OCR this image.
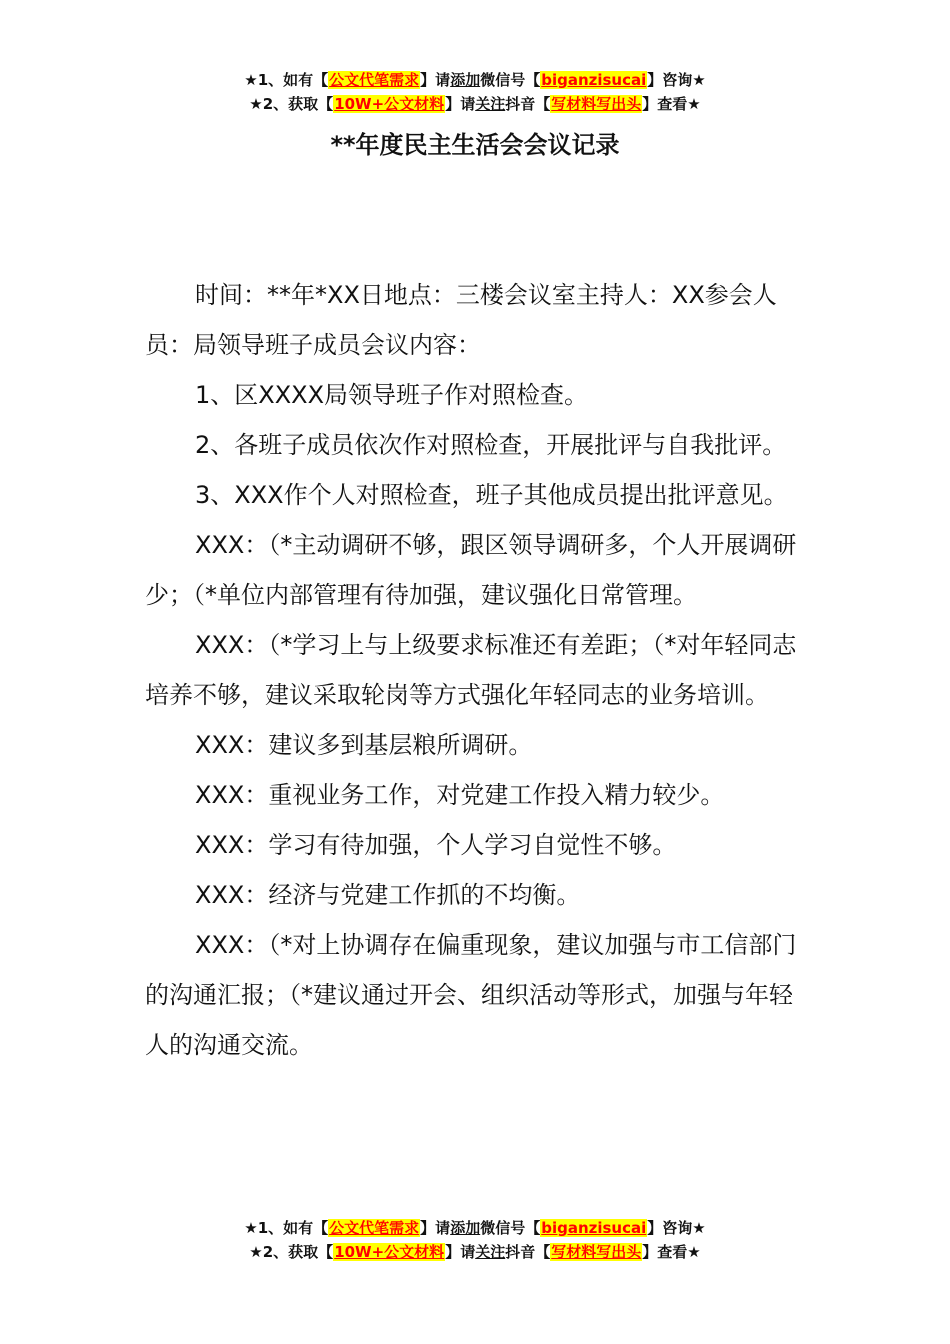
★1、如有【公文代笔需求】请添加微信号【biganzisucai】咨询★
★2、获取【10W+公文材料】请关注抖音【写材料写出头】查看★
**年度民主生活会会议记录

时间：**年*XX日地点：三楼会议室主持人：XX参会人员：局领导班子成员会议内容：

1、区XXXX局领导班子作对照检查。

2、各班子成员依次作对照检查，开展批评与自我批评。

3、XXX作个人对照检查，班子其他成员提出批评意见。

XXX：（*主动调研不够，跟区领导调研多，个人开展调研少；（*单位内部管理有待加强，建议强化日常管理。

XXX：（*学习上与上级要求标准还有差距；（*对年轻同志培养不够，建议采取轮岗等方式强化年轻同志的业务培训。

XXX：建议多到基层粮所调研。

XXX：重视业务工作，对党建工作投入精力较少。

XXX：学习有待加强，个人学习自觉性不够。

XXX：经济与党建工作抓的不均衡。

XXX：（*对上协调存在偏重现象，建议加强与市工信部门的沟通汇报；（*建议通过开会、组织活动等形式，加强与年轻人的沟通交流。

★1、如有【公文代笔需求】请添加微信号【biganzisucai】咨询★
★2、获取【10W+公文材料】请关注抖音【写材料写出头】查看★
